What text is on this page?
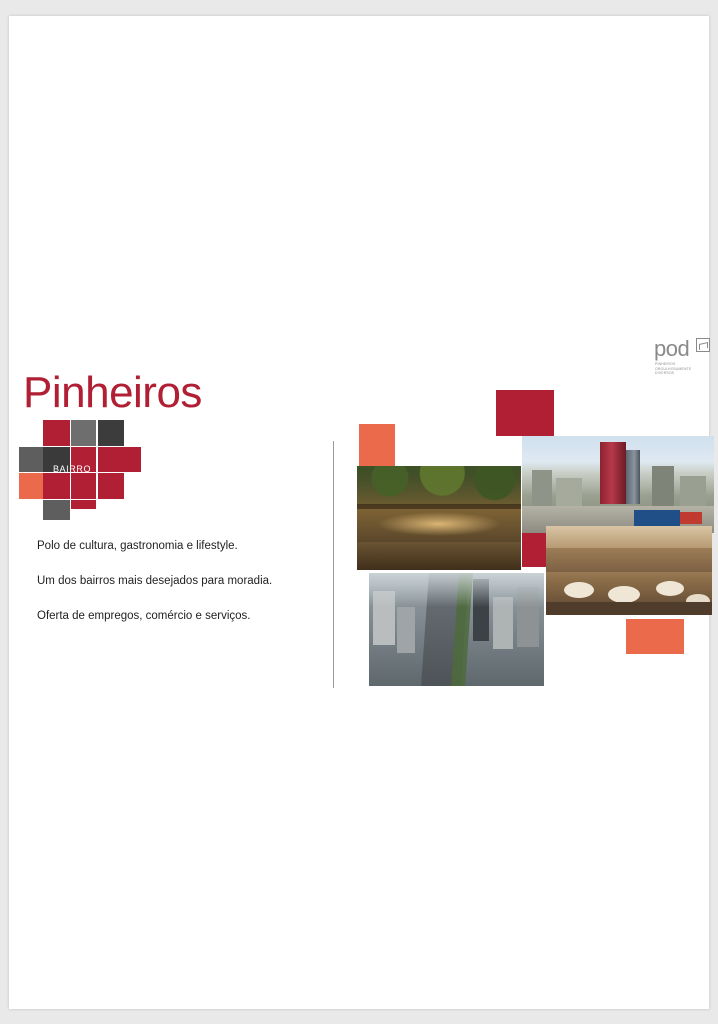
Pinheiros
BAIRRO

Polo de cultura, gastronomia e lifestyle.

Um dos bairros mais desejados para moradia.

Oferta de empregos, comércio e serviços.

pod
PINHEIROS ORGULHOSAMENTE DIVERSOS
